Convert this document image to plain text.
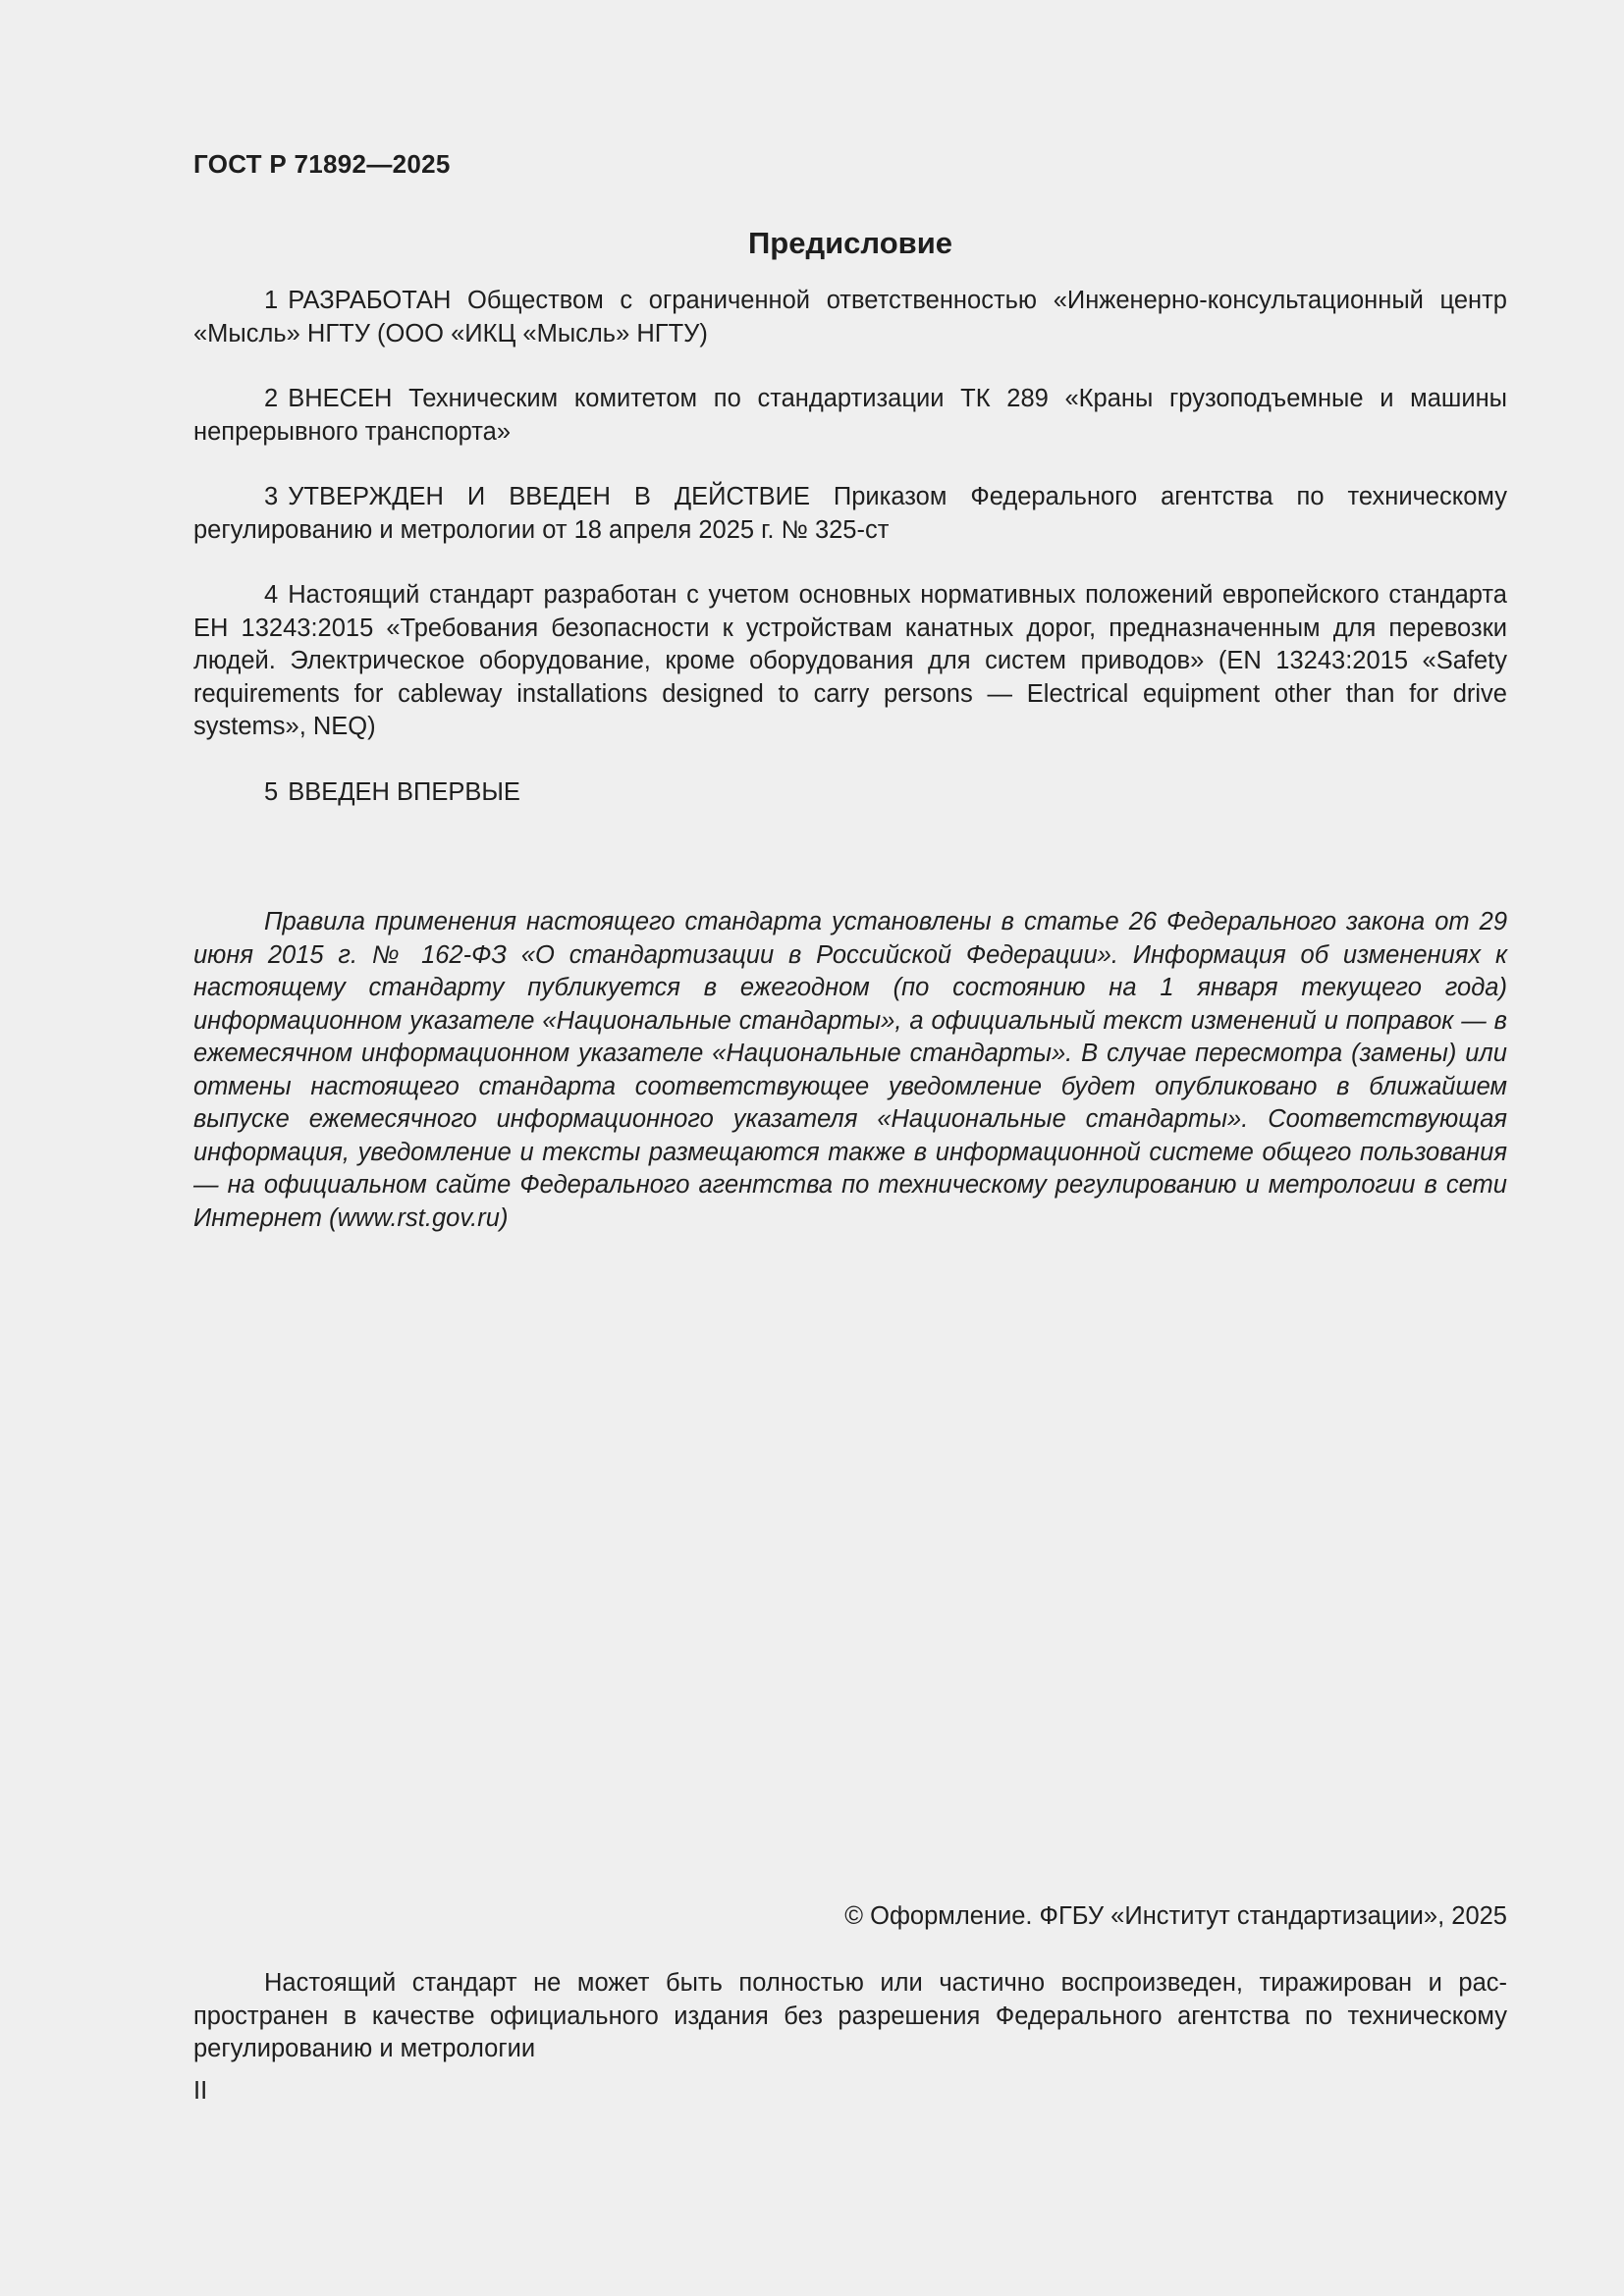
ГОСТ Р 71892—2025
Предисловие

1 РАЗРАБОТАН Обществом с ограниченной ответственностью «Инженерно-консультационный центр «Мысль» НГТУ (ООО «ИКЦ «Мысль» НГТУ)

2 ВНЕСЕН Техническим комитетом по стандартизации ТК 289 «Краны грузоподъемные и машины непрерывного транспорта»

3 УТВЕРЖДЕН И ВВЕДЕН В ДЕЙСТВИЕ Приказом Федерального агентства по техническому регулированию и метрологии от 18 апреля 2025 г. № 325-ст

4 Настоящий стандарт разработан с учетом основных нормативных положений европейского стандарта ЕН 13243:2015 «Требования безопасности к устройствам канатных дорог, предназначенным для перевозки людей. Электрическое оборудование, кроме оборудования для систем приводов» (EN 13243:2015 «Safety requirements for cableway installations designed to carry persons — Electrical equipment other than for drive systems», NEQ)

5 ВВЕДЕН ВПЕРВЫЕ

Правила применения настоящего стандарта установлены в статье 26 Федерального закона от 29 июня 2015 г. № 162-ФЗ «О стандартизации в Российской Федерации». Информация об изменениях к настоящему стандарту публикуется в ежегодном (по состоянию на 1 января текущего года) информационном указателе «Национальные стандарты», а официальный текст изменений и поправок — в ежемесячном информационном указателе «Национальные стандарты». В случае пересмотра (замены) или отмены настоящего стандарта соответствующее уведомление будет опубликовано в ближайшем выпуске ежемесячного информационного указателя «Национальные стандарты». Соответствующая информация, уведомление и тексты размещаются также в информационной системе общего пользования — на официальном сайте Федерального агентства по техническому регулированию и метрологии в сети Интернет (www.rst.gov.ru)

© Оформление. ФГБУ «Институт стандартизации», 2025

Настоящий стандарт не может быть полностью или частично воспроизведен, тиражирован и распространен в качестве официального издания без разрешения Федерального агентства по техническому регулированию и метрологии

II
